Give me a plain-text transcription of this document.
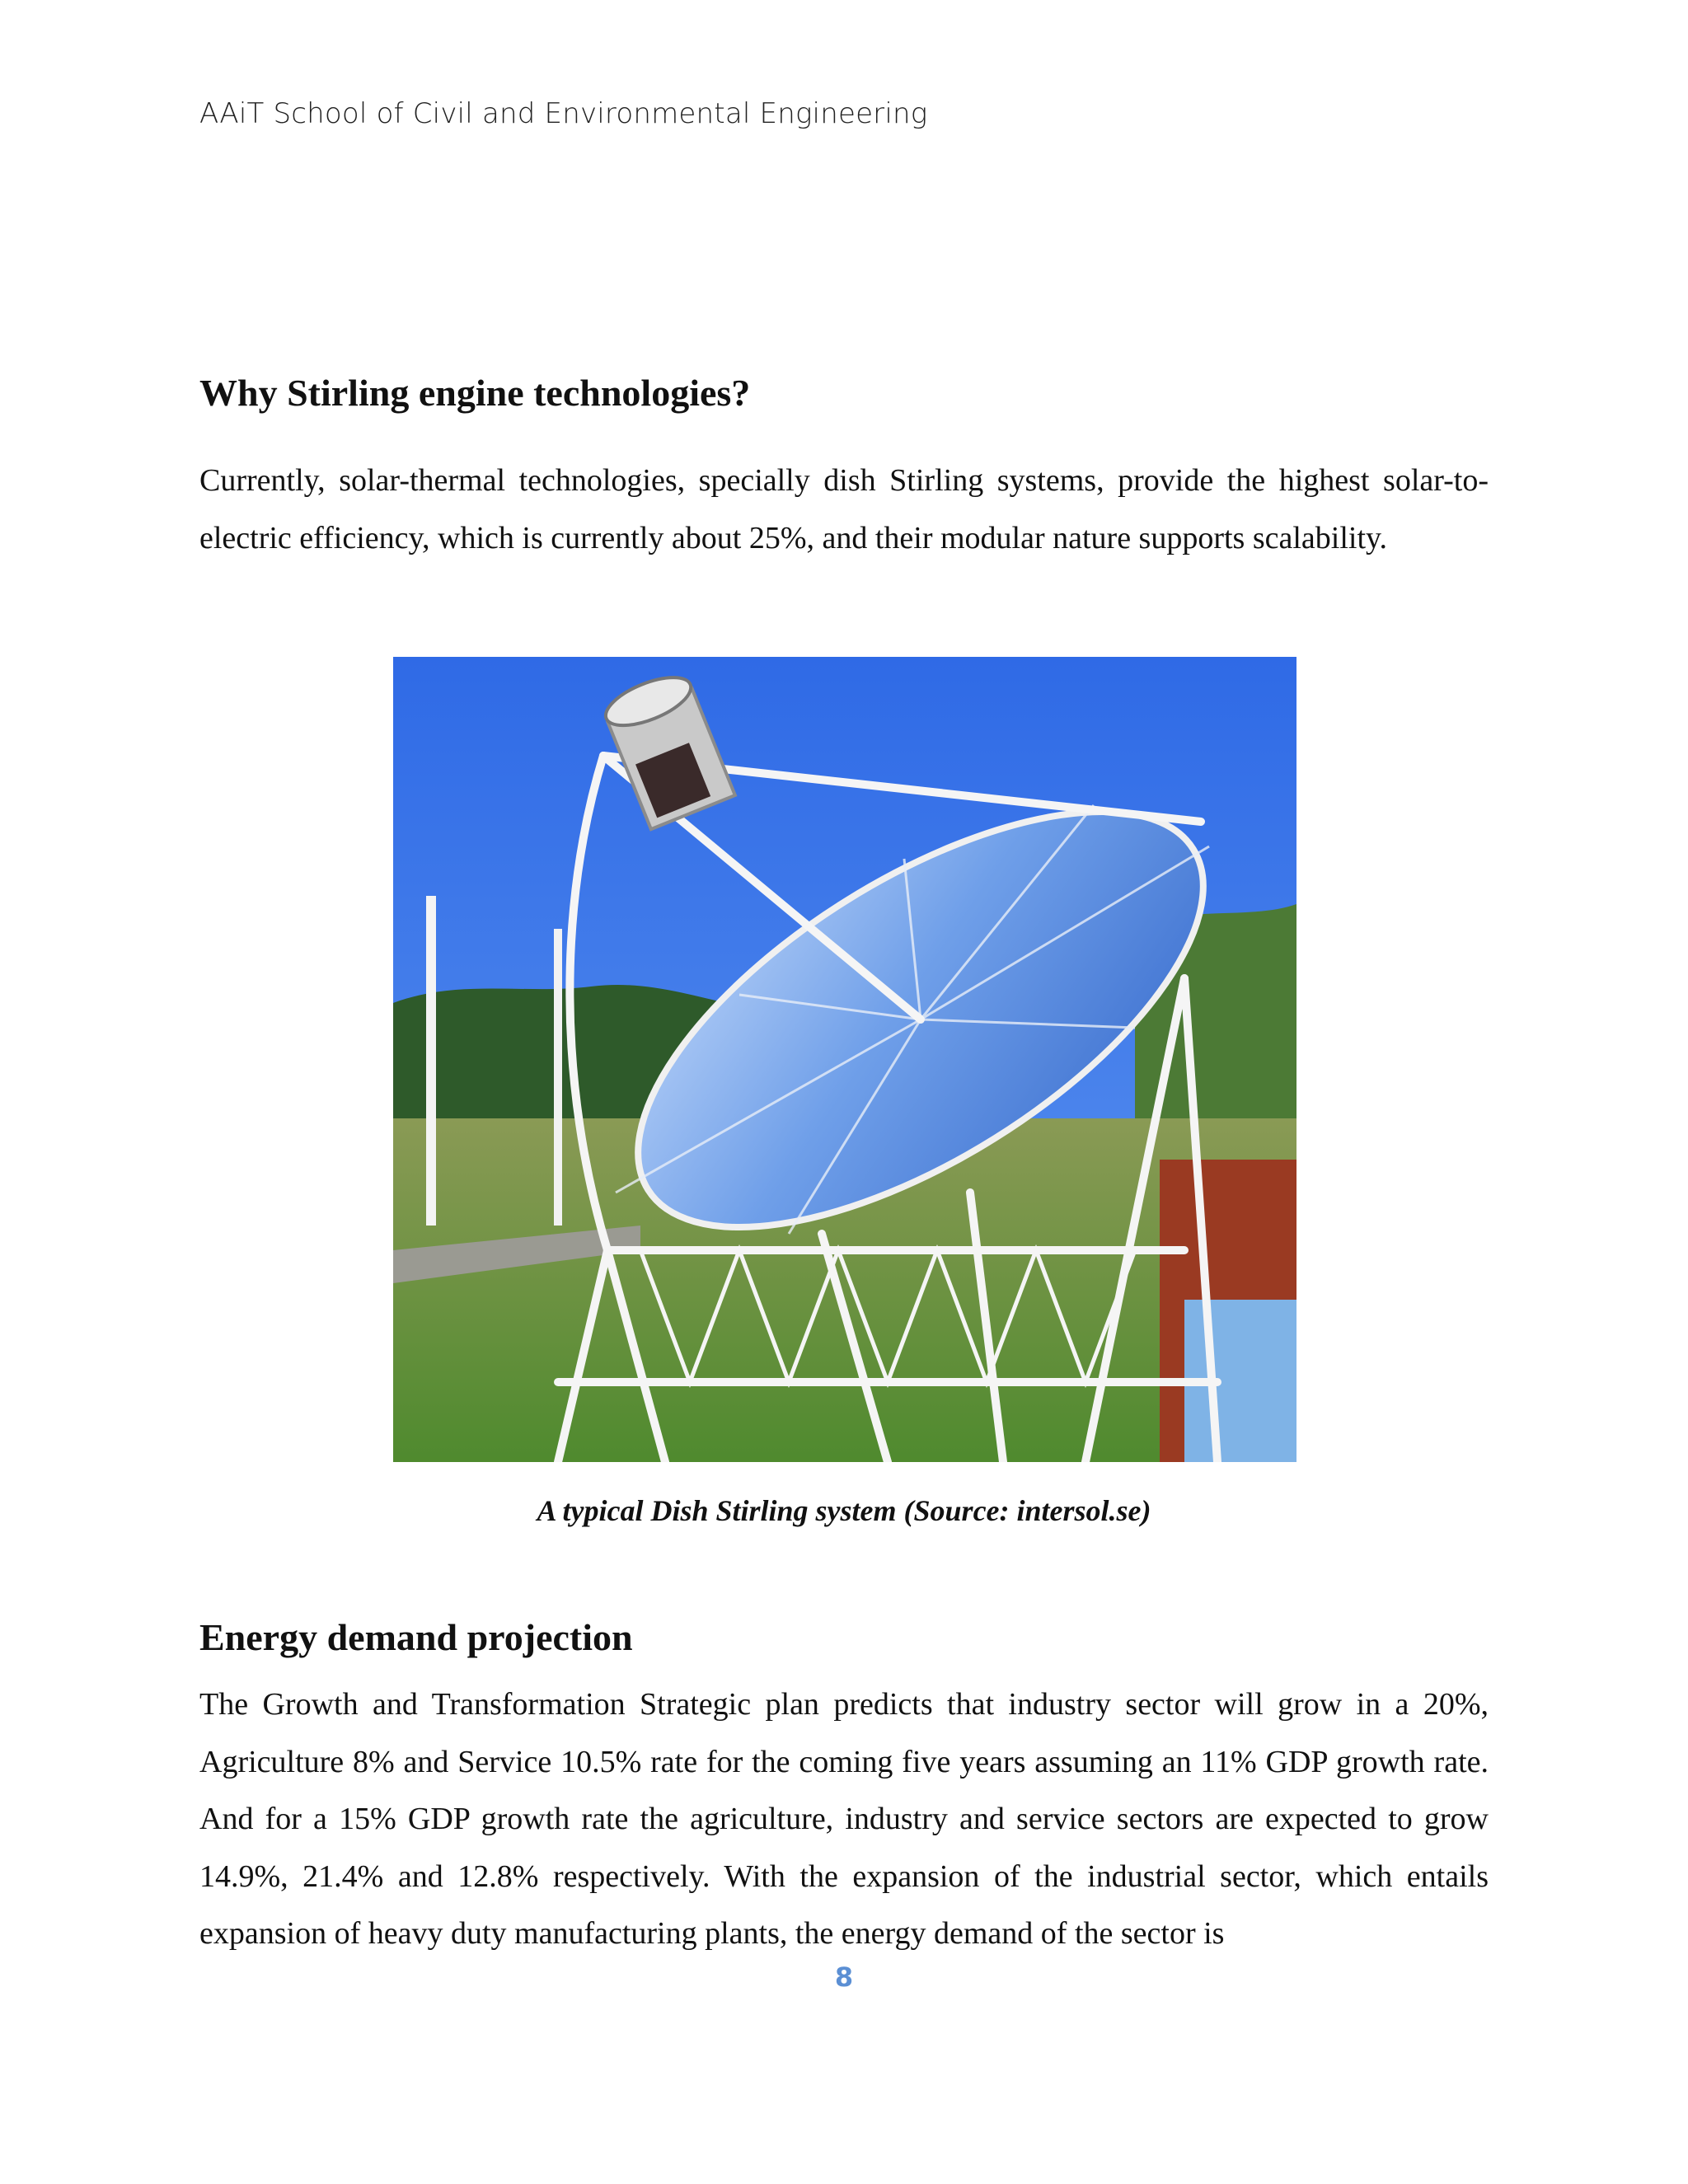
AAiT School of Civil and Environmental Engineering
Why Stirling engine technologies?

Currently, solar-thermal technologies, specially dish Stirling systems, provide the highest solar-to-electric efficiency, which is currently about 25%, and their modular nature supports scalability.

A typical Dish Stirling system (Source: intersol.se)
Energy demand projection

The Growth and Transformation Strategic plan predicts that industry sector will grow in a 20%, Agriculture 8% and Service 10.5% rate for the coming five years assuming an 11% GDP growth rate. And for a 15% GDP growth rate the agriculture, industry and service sectors are expected to grow 14.9%, 21.4% and 12.8% respectively. With the expansion of the industrial sector, which entails expansion of heavy duty manufacturing plants, the energy demand of the sector is

8
